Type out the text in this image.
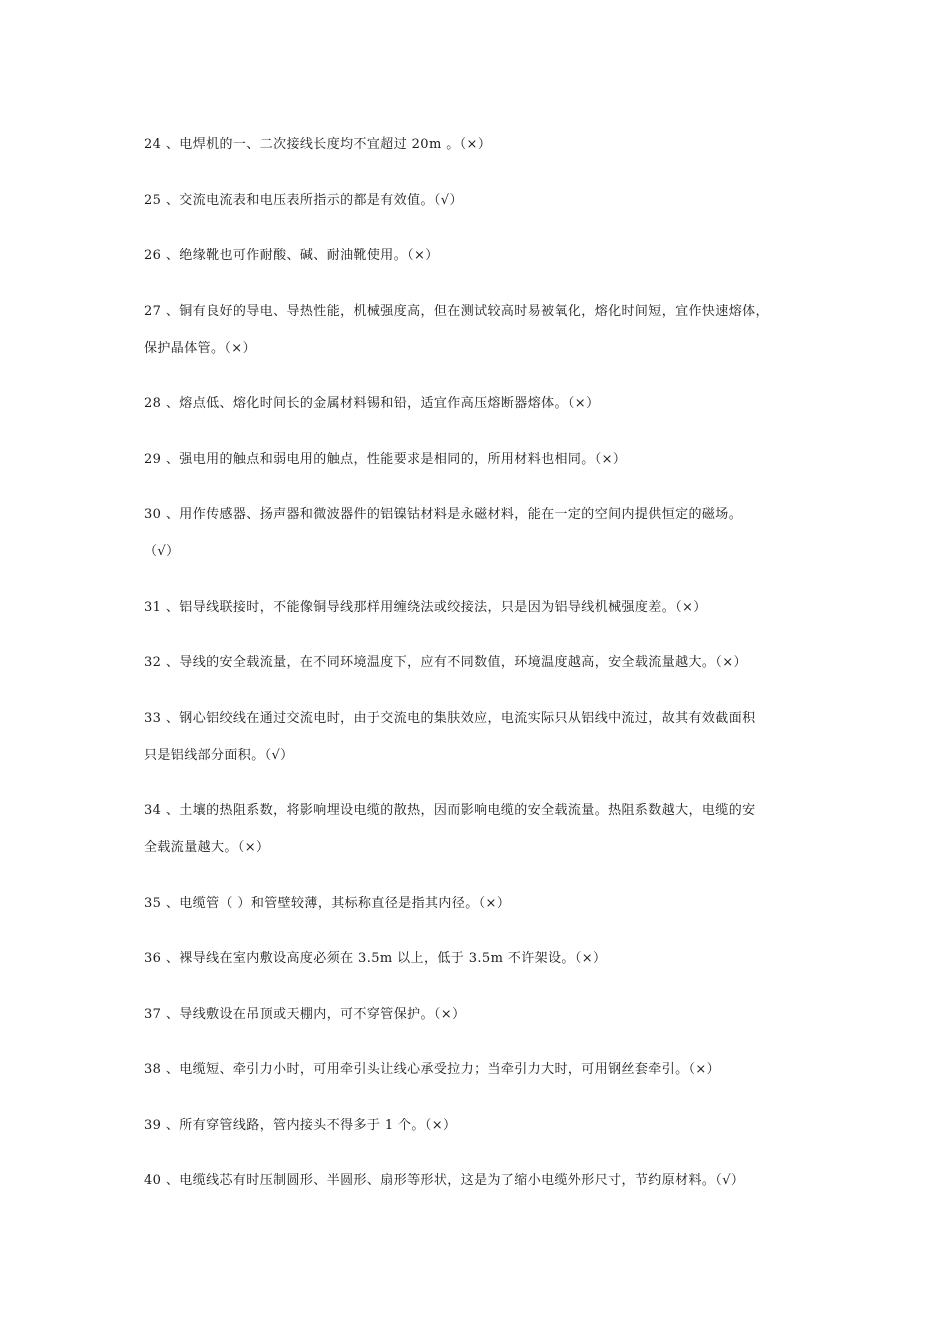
24 、电焊机的一、二次接线长度均不宜超过 20m 。（×）
25 、交流电流表和电压表所指示的都是有效值。（√）
26 、绝缘靴也可作耐酸、碱、耐油靴使用。（×）
27 、铜有良好的导电、导热性能，机械强度高，但在测试较高时易被氧化，熔化时间短，宜作快速熔体，
保护晶体管。（×）
28 、熔点低、熔化时间长的金属材料锡和铅，适宜作高压熔断器熔体。（×）
29 、强电用的触点和弱电用的触点，性能要求是相同的，所用材料也相同。（×）
30 、用作传感器、扬声器和微波器件的铝镍钴材料是永磁材料，能在一定的空间内提供恒定的磁场。
（√）
31 、铝导线联接时，不能像铜导线那样用缠绕法或绞接法，只是因为铝导线机械强度差。（×）
32 、导线的安全载流量，在不同环境温度下，应有不同数值，环境温度越高，安全载流量越大。（×）
33 、钢心铝绞线在通过交流电时，由于交流电的集肤效应，电流实际只从铝线中流过，故其有效截面积
只是铝线部分面积。（√）
34 、土壤的热阻系数，将影响埋设电缆的散热，因而影响电缆的安全载流量。热阻系数越大，电缆的安
全载流量越大。（×）
35 、电缆管（ ）和管壁较薄，其标称直径是指其内径。（×）
36 、裸导线在室内敷设高度必须在 3.5m 以上，低于 3.5m 不许架设。（×）
37 、导线敷设在吊顶或天棚内，可不穿管保护。（×）
38 、电缆短、牵引力小时，可用牵引头让线心承受拉力；当牵引力大时，可用钢丝套牵引。（×）
39 、所有穿管线路，管内接头不得多于 1 个。（×）
40 、电缆线芯有时压制圆形、半圆形、扇形等形状，这是为了缩小电缆外形尺寸，节约原材料。（√）
